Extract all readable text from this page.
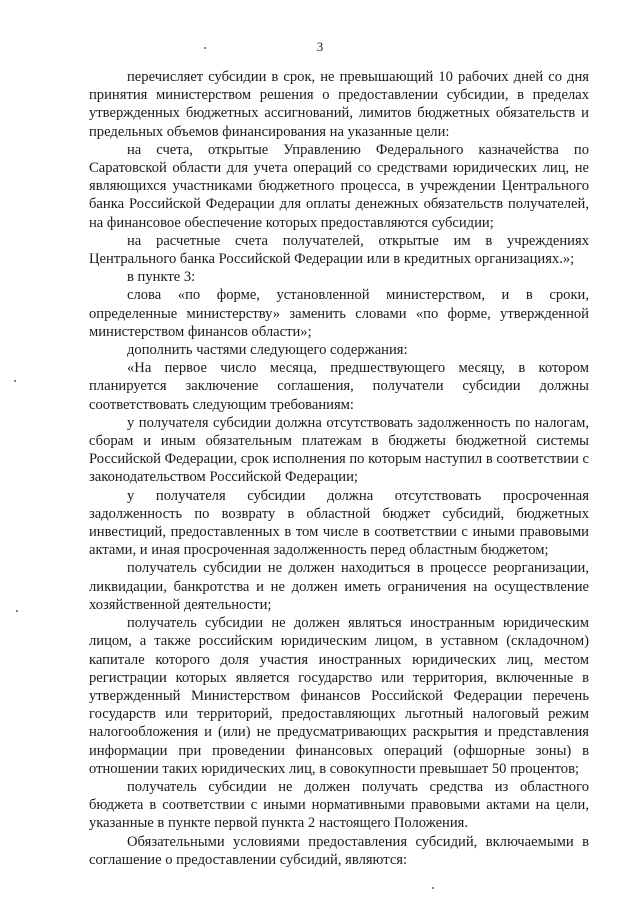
3

перечисляет субсидии в срок, не превышающий 10 рабочих дней со дня принятия министерством решения о предоставлении субсидии, в пределах утвержденных бюджетных ассигнований, лимитов бюджетных обязательств и предельных объемов финансирования на указанные цели:

на счета, открытые Управлению Федерального казначейства по Саратовской области для учета операций со средствами юридических лиц, не являющихся участниками бюджетного процесса, в учреждении Центрального банка Российской Федерации для оплаты денежных обязательств получателей, на финансовое обеспечение которых предоставляются субсидии;

на расчетные счета получателей, открытые им в учреждениях Центрального банка Российской Федерации или в кредитных организациях.»;

в пункте 3:

слова «по форме, установленной министерством, и в сроки, определенные министерству» заменить словами «по форме, утвержденной министерством финансов области»;

дополнить частями следующего содержания:

«На первое число месяца, предшествующего месяцу, в котором планируется заключение соглашения, получатели субсидии должны соответствовать следующим требованиям:

у получателя субсидии должна отсутствовать задолженность по налогам, сборам и иным обязательным платежам в бюджеты бюджетной системы Российской Федерации, срок исполнения по которым наступил в соответствии с законодательством Российской Федерации;

у получателя субсидии должна отсутствовать просроченная задолженность по возврату в областной бюджет субсидий, бюджетных инвестиций, предоставленных в том числе в соответствии с иными правовыми актами, и иная просроченная задолженность перед областным бюджетом;

получатель субсидии не должен находиться в процессе реорганизации, ликвидации, банкротства и не должен иметь ограничения на осуществление хозяйственной деятельности;

получатель субсидии не должен являться иностранным юридическим лицом, а также российским юридическим лицом, в уставном (складочном) капитале которого доля участия иностранных юридических лиц, местом регистрации которых является государство или территория, включенные в утвержденный Министерством финансов Российской Федерации перечень государств или территорий, предоставляющих льготный налоговый режим налогообложения и (или) не предусматривающих раскрытия и представления информации при проведении финансовых операций (офшорные зоны) в отношении таких юридических лиц, в совокупности превышает 50 процентов;

получатель субсидии не должен получать средства из областного бюджета в соответствии с иными нормативными правовыми актами на цели, указанные в пункте первой пункта 2 настоящего Положения.

Обязательными условиями предоставления субсидий, включаемыми в соглашение о предоставлении субсидий, являются:
